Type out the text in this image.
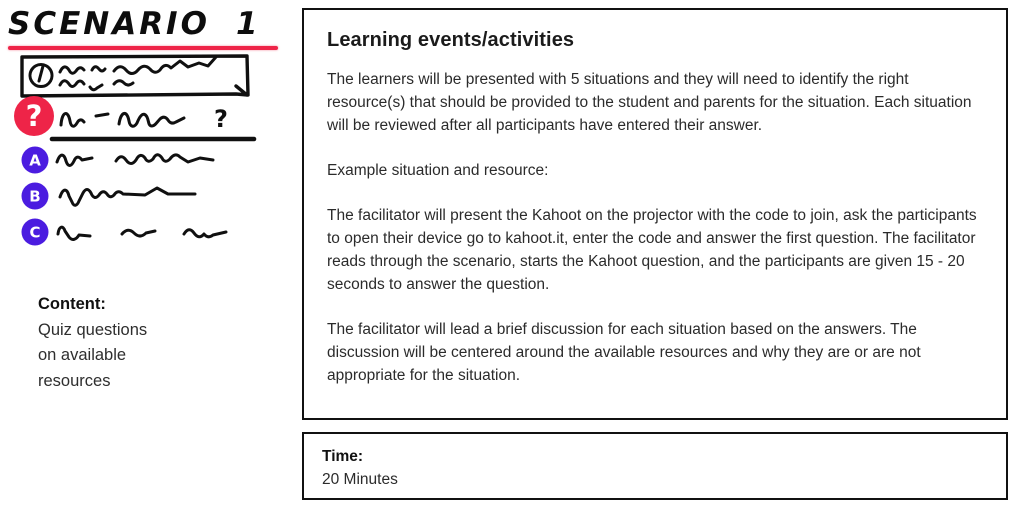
SCENARIO 1
?	?
A
B
C
Content:
Quiz questions
on available
resources
Learning events/activities

The learners will be presented with 5 situations and they will need to identify the right resource(s) that should be provided to the student and parents for the situation. Each situation will be reviewed after all participants have entered their answer.

Example situation and resource:

The facilitator will present the Kahoot on the projector with the code to join, ask the participants to open their device go to kahoot.it, enter the code and answer the first question. The facilitator reads through the scenario, starts the Kahoot question, and the participants are given 15 - 20 seconds to answer the question.

The facilitator will lead a brief discussion for each situation based on the answers. The discussion will be centered around the available resources and why they are or are not appropriate for the situation.

Time:
20 Minutes
